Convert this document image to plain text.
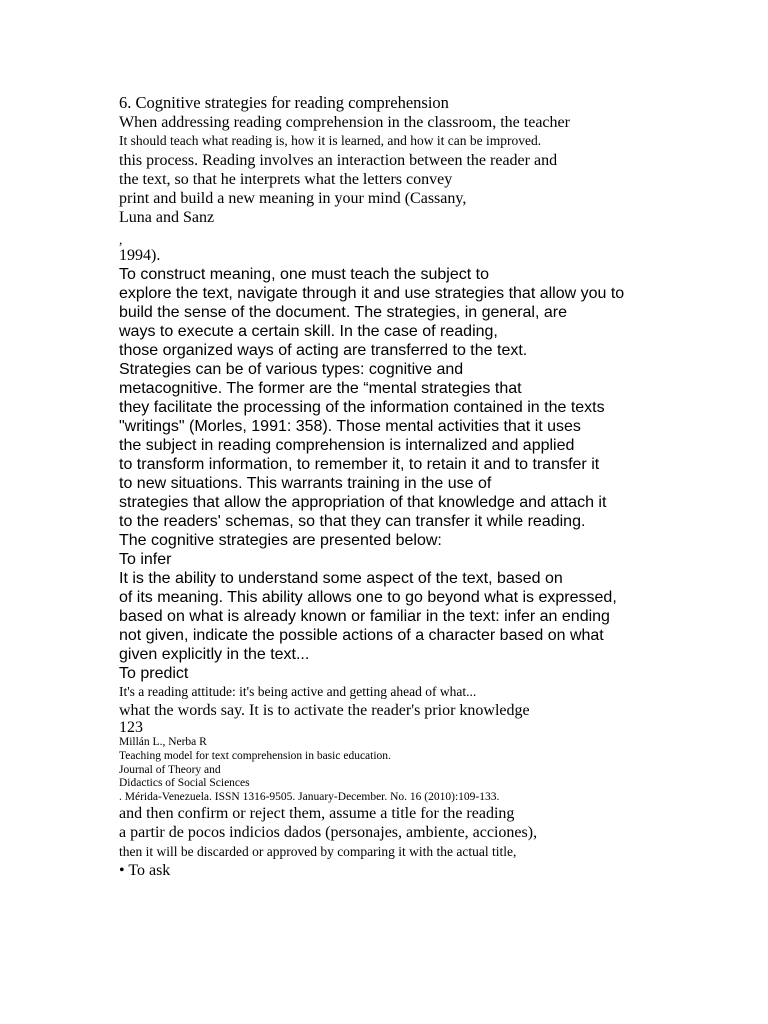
6. Cognitive strategies for reading comprehension
When addressing reading comprehension in the classroom, the teacher
It should teach what reading is, how it is learned, and how it can be improved.
this process. Reading involves an interaction between the reader and
the text, so that he interprets what the letters convey
print and build a new meaning in your mind (Cassany,
Luna and Sanz
,
1994).
To construct meaning, one must teach the subject to
explore the text, navigate through it and use strategies that allow you to
build the sense of the document. The strategies, in general, are
ways to execute a certain skill. In the case of reading,
those organized ways of acting are transferred to the text.
Strategies can be of various types: cognitive and
metacognitive. The former are the “mental strategies that
they facilitate the processing of the information contained in the texts
"writings" (Morles, 1991: 358). Those mental activities that it uses
the subject in reading comprehension is internalized and applied
to transform information, to remember it, to retain it and to transfer it
to new situations. This warrants training in the use of
strategies that allow the appropriation of that knowledge and attach it
to the readers' schemas, so that they can transfer it while reading.
The cognitive strategies are presented below:
To infer
It is the ability to understand some aspect of the text, based on
of its meaning. This ability allows one to go beyond what is expressed,
based on what is already known or familiar in the text: infer an ending
not given, indicate the possible actions of a character based on what
given explicitly in the text...
To predict
It's a reading attitude: it's being active and getting ahead of what...
what the words say. It is to activate the reader's prior knowledge
123
Millán L., Nerba R
Teaching model for text comprehension in basic education.
Journal of Theory and
Didactics of Social Sciences
. Mérida-Venezuela. ISSN 1316-9505. January-December. No. 16 (2010):109-133.
and then confirm or reject them, assume a title for the reading
a partir de pocos indicios dados (personajes, ambiente, acciones),
then it will be discarded or approved by comparing it with the actual title,
• To ask
